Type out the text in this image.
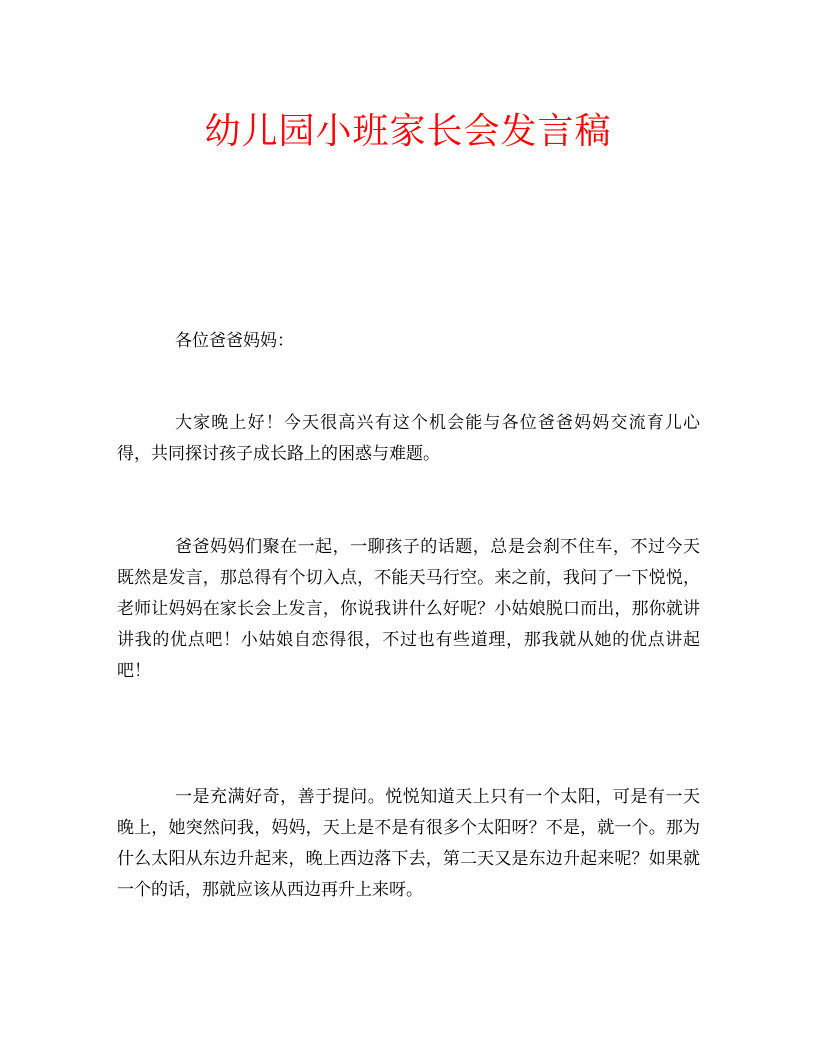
幼儿园小班家长会发言稿

各位爸爸妈妈：

大家晚上好！今天很高兴有这个机会能与各位爸爸妈妈交流育儿心得，共同探讨孩子成长路上的困惑与难题。

爸爸妈妈们聚在一起，一聊孩子的话题，总是会刹不住车，不过今天既然是发言，那总得有个切入点，不能天马行空。来之前，我问了一下悦悦，老师让妈妈在家长会上发言，你说我讲什么好呢？小姑娘脱口而出，那你就讲讲我的优点吧！小姑娘自恋得很，不过也有些道理，那我就从她的优点讲起吧！

一是充满好奇，善于提问。悦悦知道天上只有一个太阳，可是有一天晚上，她突然问我，妈妈，天上是不是有很多个太阳呀？不是，就一个。那为什么太阳从东边升起来，晚上西边落下去，第二天又是东边升起来呢？如果就一个的话，那就应该从西边再升上来呀。
